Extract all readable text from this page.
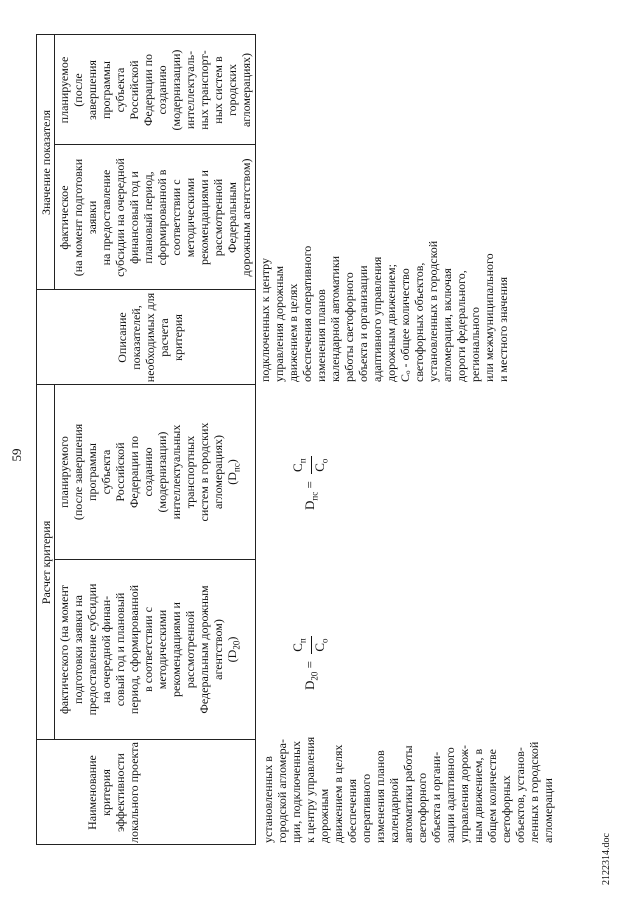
59
Наименование
критерия
эффективности
локального проекта
Расчет критерия
фактического (на момент
подготовки заявки на
предоставление субсидии
на очередной финан-
совый год и плановый
период, сформированной
в соответствии с
методическими
рекомендациями и
рассмотренной
Федеральным дорожным
агентством) $(D_{20})$
планируемого
(после завершения
программы
субъекта
Российской
Федерации по
созданию
(модернизации)
интеллектуальных
транспортных
систем в городских
агломерациях) $(D_{пс})$
Описание показателей,
необходимых для расчета
критерия
Значение показателя
фактическое
(на момент подготовки
заявки
на предоставление
субсидии на очередной
финансовый год и
плановый период,
сформированной в
соответствии с
методическими
рекомендациями и
рассмотренной
Федеральным
дорожным агентством)
планируемое
(после
завершения
программы
субъекта
Российской
Федерации по
созданию
(модернизации)
интеллектуаль-
ных транспорт-
ных систем в
городских
агломерациях)
установленных в
городской агломера-
ции, подключенных
к центру управления
дорожным
движением в целях
обеспечения
оперативного
изменения планов
календарной
автоматики работы
светофорного
объекта и органи-
зации адаптивного
управления дорож-
ным движением, в
общем количестве
светофорных
объектов, установ-
ленных в городской
агломерации
$D_{20}$ =
$C_п$
$C_о$
$D_{пс}$ =
$C_п$
$C_о$
подключенных к центру
управления дорожным
движением в целях
обеспечения оперативного
изменения планов
календарной автоматики
работы светофорного
объекта и организации
адаптивного управления
дорожным движением;
Cₒ - общее количество
светофорных объектов,
установленных в городской
агломерации, включая
дороги федерального,
регионального
или межмуниципального
и местного значения
2122314.doc
